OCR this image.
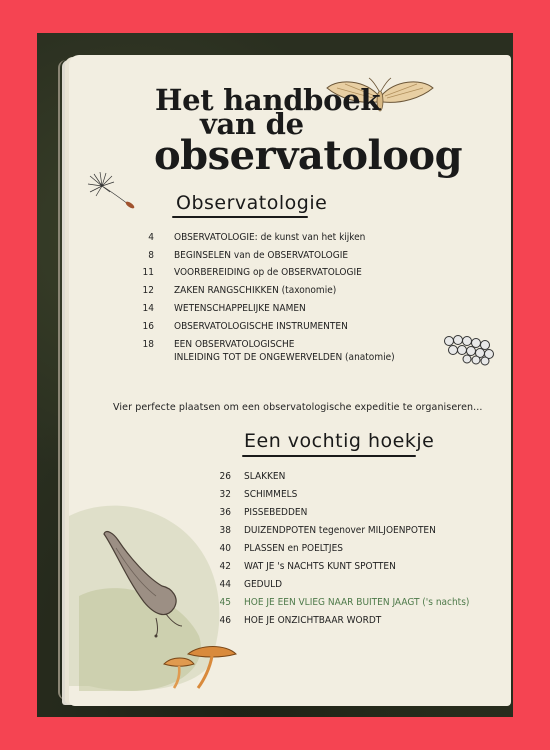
Het handboek
van de
observatoloog
Observatologie
4 OBSERVATOLOGIE: de kunst van het kijken
8 BEGINSELEN van de OBSERVATOLOGIE
11 VOORBEREIDING op de OBSERVATOLOGIE
12 ZAKEN RANGSCHIKKEN (taxonomie)
14 WETENSCHAPPELIJKE NAMEN
16 OBSERVATOLOGISCHE INSTRUMENTEN
18 EEN OBSERVATOLOGISCHE
INLEIDING TOT DE ONGEWERVELDEN (anatomie)
Vier perfecte plaatsen om een observatologische expeditie te organiseren...
Een vochtig hoekje
26 SLAKKEN
32 SCHIMMELS
36 PISSEBEDDEN
38 DUIZENDPOTEN tegenover MILJOENPOTEN
40 PLASSEN en POELTJES
42 WAT JE 's NACHTS KUNT SPOTTEN
44 GEDULD
45 HOE JE EEN VLIEG NAAR BUITEN JAAGT ('s nachts)
46 HOE JE ONZICHTBAAR WORDT
